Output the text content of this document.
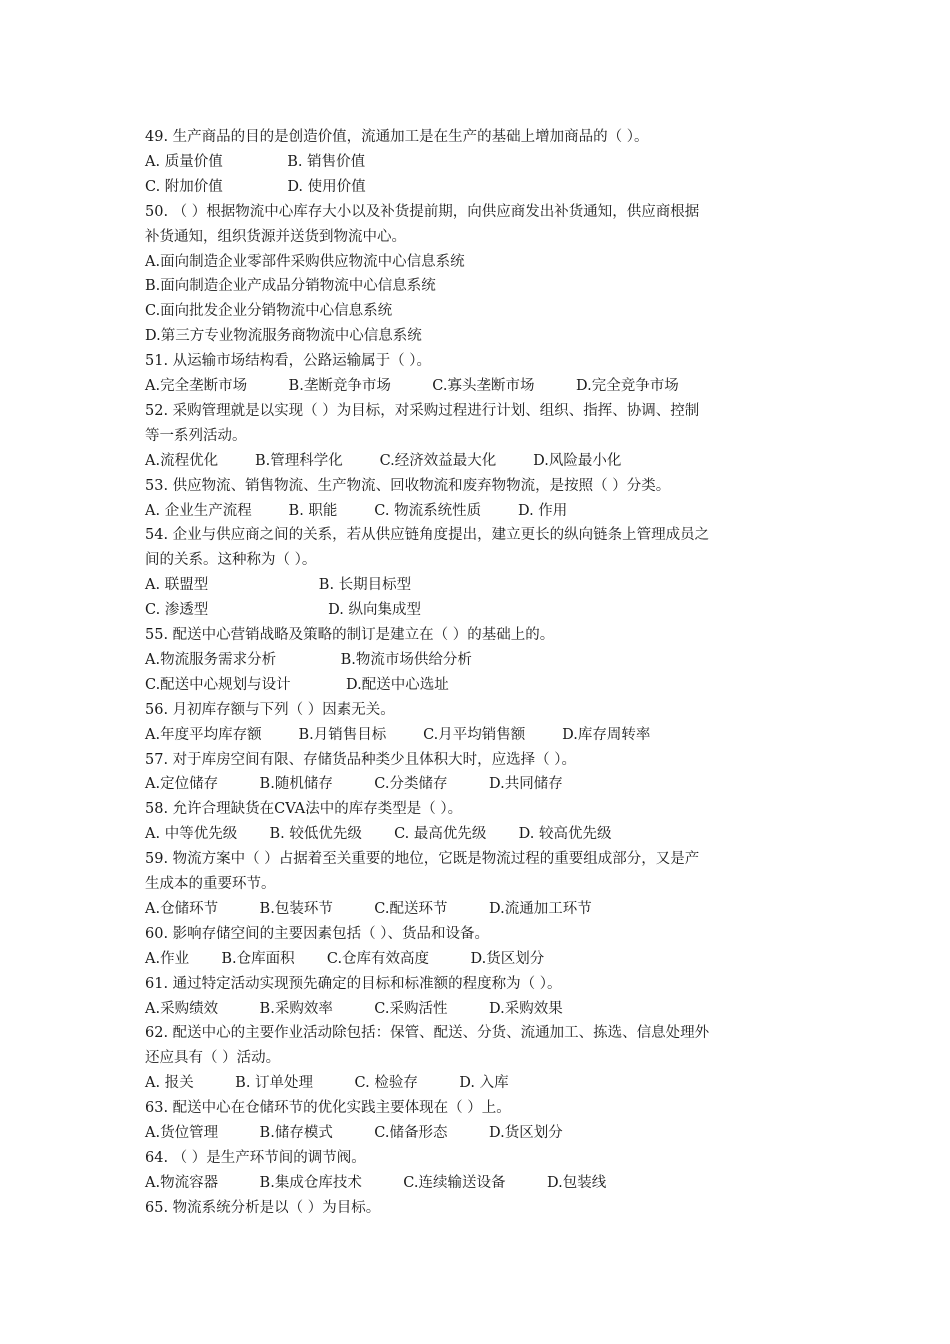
49. 生产商品的目的是创造价值，流通加工是在生产的基础上增加商品的（ ）。
A. 质量价值              B. 销售价值
C. 附加价值              D. 使用价值
50. （ ）根据物流中心库存大小以及补货提前期，向供应商发出补货通知，供应商根据
补货通知，组织货源并送货到物流中心。
A.面向制造企业零部件采购供应物流中心信息系统
B.面向制造企业产成品分销物流中心信息系统
C.面向批发企业分销物流中心信息系统
D.第三方专业物流服务商物流中心信息系统
51. 从运输市场结构看，公路运输属于（ ）。
A.完全垄断市场         B.垄断竞争市场         C.寡头垄断市场         D.完全竞争市场
52. 采购管理就是以实现（ ）为目标，对采购过程进行计划、组织、指挥、协调、控制
等一系列活动。
A.流程优化        B.管理科学化        C.经济效益最大化        D.风险最小化
53. 供应物流、销售物流、生产物流、回收物流和废弃物物流，是按照（ ）分类。
A. 企业生产流程        B. 职能        C. 物流系统性质        D. 作用
54. 企业与供应商之间的关系，若从供应链角度提出，建立更长的纵向链条上管理成员之
间的关系。这种称为（ ）。
A. 联盟型                        B. 长期目标型
C. 渗透型                          D. 纵向集成型
55. 配送中心营销战略及策略的制订是建立在（ ）的基础上的。
A.物流服务需求分析              B.物流市场供给分析
C.配送中心规划与设计            D.配送中心选址
56. 月初库存额与下列（ ）因素无关。
A.年度平均库存额        B.月销售目标        C.月平均销售额        D.库存周转率
57. 对于库房空间有限、存储货品种类少且体积大时，应选择（ ）。
A.定位储存         B.随机储存         C.分类储存         D.共同储存
58. 允许合理缺货在CVA法中的库存类型是（ ）。
A. 中等优先级       B. 较低优先级       C. 最高优先级       D. 较高优先级
59. 物流方案中（ ）占据着至关重要的地位，它既是物流过程的重要组成部分，又是产
生成本的重要环节。
A.仓储环节         B.包装环节         C.配送环节         D.流通加工环节
60. 影响存储空间的主要因素包括（ ）、货品和设备。
A.作业       B.仓库面积       C.仓库有效高度         D.货区划分
61. 通过特定活动实现预先确定的目标和标准额的程度称为（ ）。
A.采购绩效         B.采购效率         C.采购活性         D.采购效果
62. 配送中心的主要作业活动除包括：保管、配送、分货、流通加工、拣选、信息处理外
还应具有（ ）活动。
A. 报关         B. 订单处理         C. 检验存         D. 入库
63. 配送中心在仓储环节的优化实践主要体现在（ ）上。
A.货位管理         B.储存模式         C.储备形态         D.货区划分
64. （ ）是生产环节间的调节阀。
A.物流容器         B.集成仓库技术         C.连续输送设备         D.包装线
65. 物流系统分析是以（ ）为目标。
